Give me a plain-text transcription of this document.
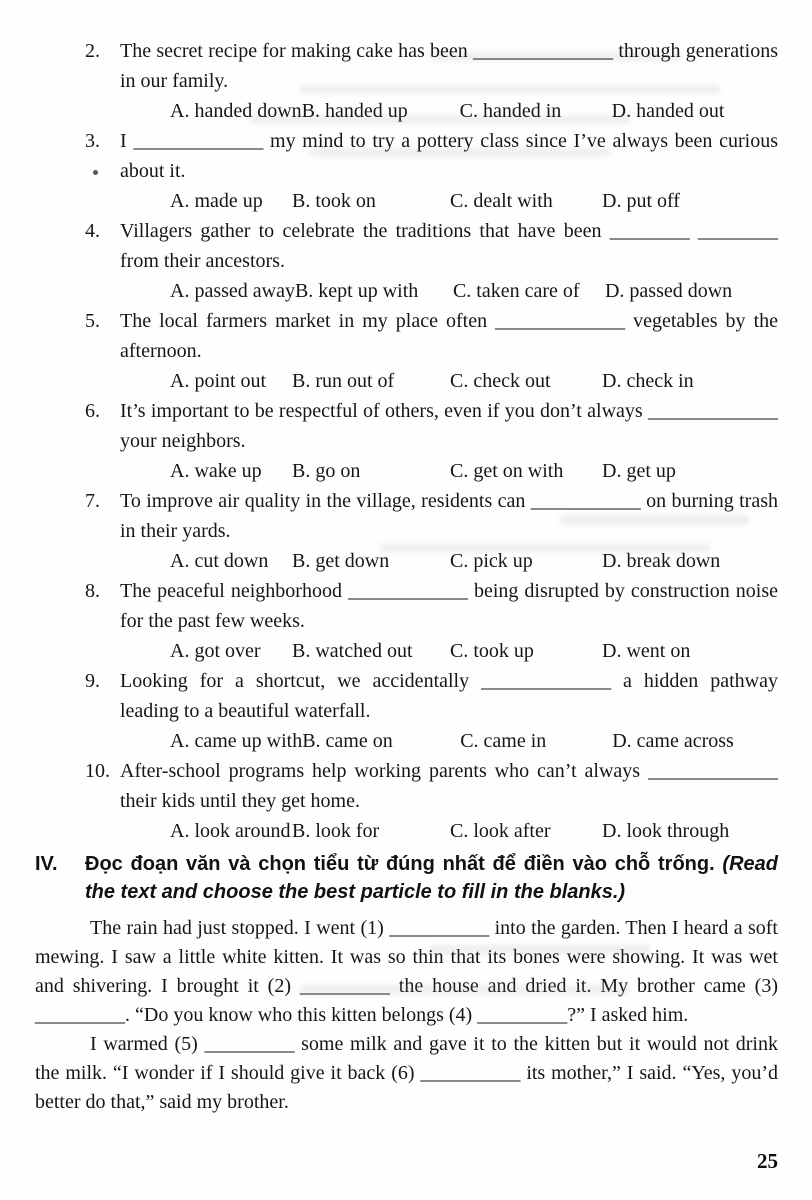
2.	The secret recipe for making cake has been ______________ through generations in our family.
A. handed down B. handed up	C. handed in	D. handed out
3.	I _____________ my mind to try a pottery class since I’ve always been curious about it.
A. made up	B. took on	C. dealt with	D. put off
4.	Villagers gather to celebrate the traditions that have been ________ ________ from their ancestors.
A. passed away B. kept up with	C. taken care of	D. passed down
5.	The local farmers market in my place often _____________ vegetables by the afternoon.
A. point out	B. run out of	C. check out	D. check in
6.	It’s important to be respectful of others, even if you don’t always _____________ your neighbors.
A. wake up	B. go on	C. get on with	D. get up
7.	To improve air quality in the village, residents can ___________ on burning trash in their yards.
A. cut down	B. get down	C. pick up	D. break down
8.	The peaceful neighborhood ____________ being disrupted by construction noise for the past few weeks.
A. got over	B. watched out	C. took up	D. went on
9.	Looking for a shortcut, we accidentally _____________ a hidden pathway leading to a beautiful waterfall.
A. came up with B. came on	C. came in	D. came across
10. After-school programs help working parents who can’t always _____________ their kids until they get home.
A. look around B. look for	C. look after	D. look through
IV.	Đọc đoạn văn và chọn tiểu từ đúng nhất để điền vào chỗ trống. (Read the text and choose the best particle to fill in the blanks.)

The rain had just stopped. I went (1) __________ into the garden. Then I heard a soft mewing. I saw a little white kitten. It was so thin that its bones were showing. It was wet and shivering. I brought it (2) _________ the house and dried it. My brother came (3) _________. “Do you know who this kitten belongs (4) _________?” I asked him.

I warmed (5) _________ some milk and gave it to the kitten but it would not drink the milk. “I wonder if I should give it back (6) __________ its mother,” I said. “Yes, you’d better do that,” said my brother.

25
